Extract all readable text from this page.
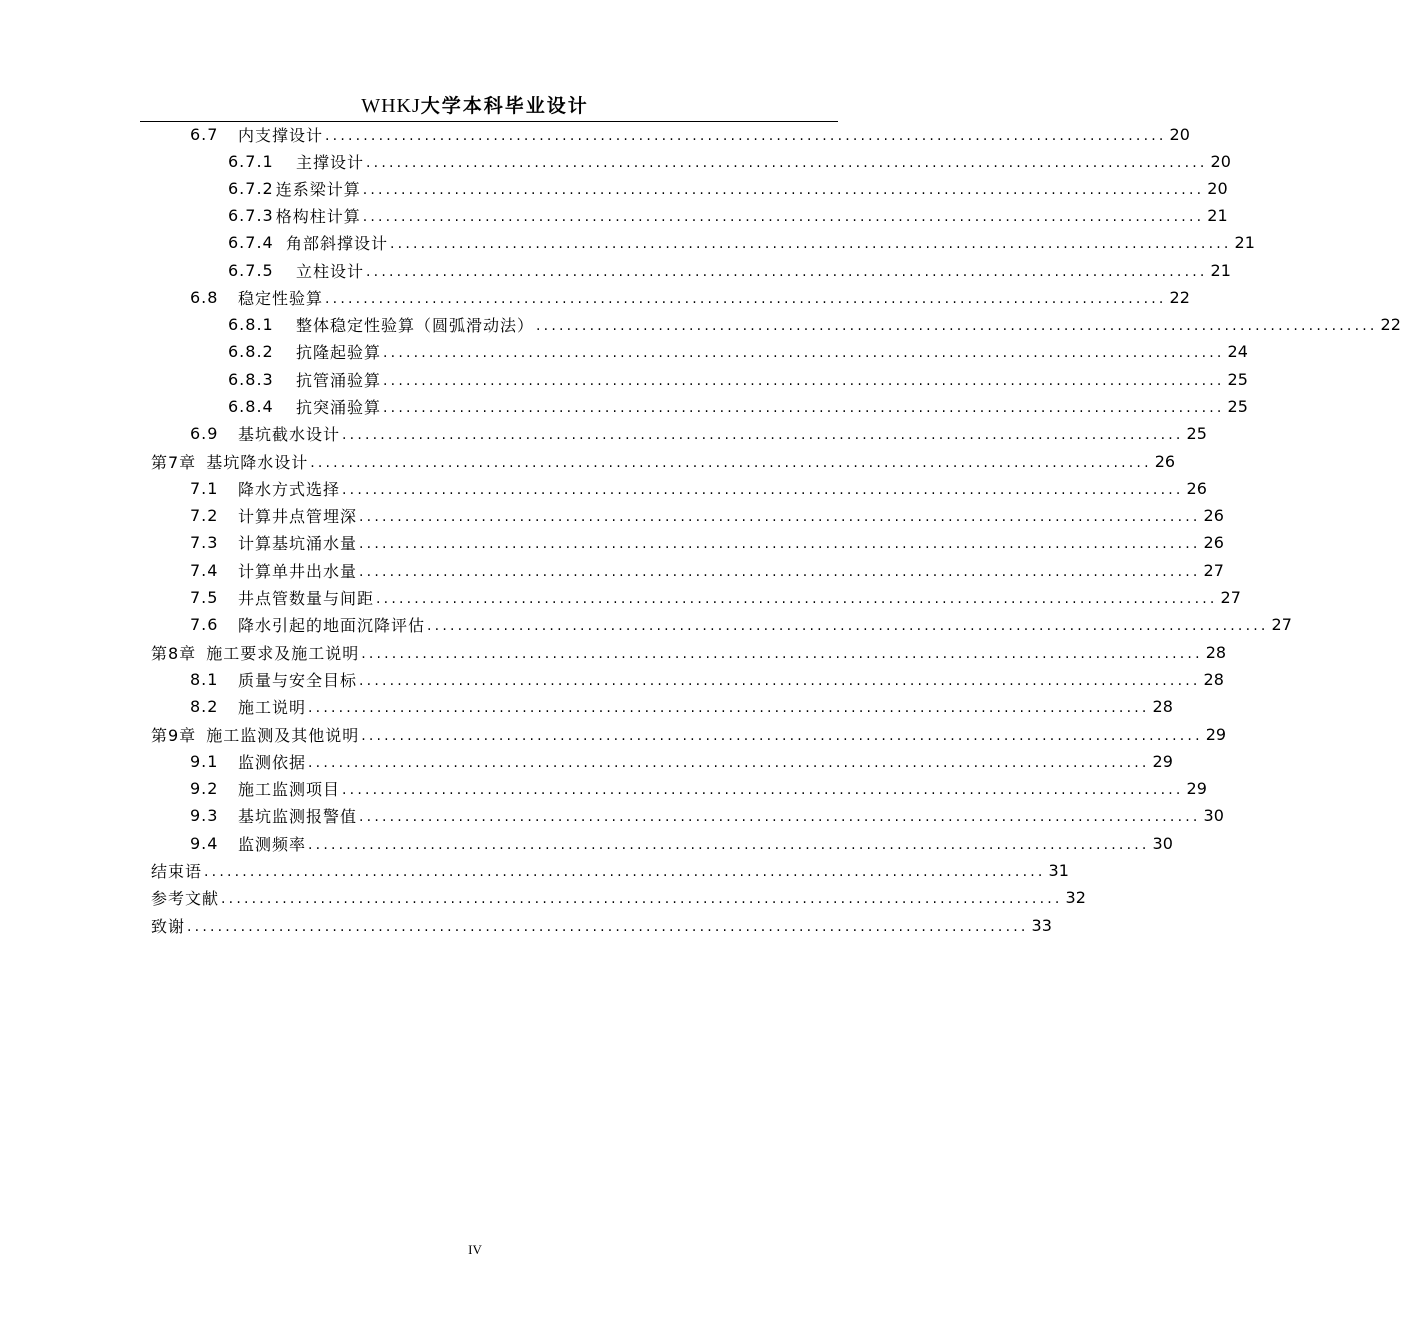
WHKJ大学本科毕业设计
6.7	内支撑设计 .............................................................................................................. 20
6.7.1	主撑设计 .............................................................................................................. 20
6.7.2 连系梁计算 .............................................................................................................. 20
6.7.3 格构柱计算 .............................................................................................................. 21
6.7.4 角部斜撑设计 .............................................................................................................. 21
6.7.5	立柱设计 .............................................................................................................. 21
6.8	稳定性验算 .............................................................................................................. 22
6.8.1	整体稳定性验算（圆弧滑动法） .............................................................................................................. 22
6.8.2	抗隆起验算 .............................................................................................................. 24
6.8.3	抗管涌验算 .............................................................................................................. 25
6.8.4	抗突涌验算 .............................................................................................................. 25
6.9	基坑截水设计 .............................................................................................................. 25
第7章 基坑降水设计 .............................................................................................................. 26
7.1	降水方式选择 .............................................................................................................. 26
7.2	计算井点管埋深 .............................................................................................................. 26
7.3	计算基坑涌水量 .............................................................................................................. 26
7.4	计算单井出水量 .............................................................................................................. 27
7.5	井点管数量与间距 .............................................................................................................. 27
7.6	降水引起的地面沉降评估 .............................................................................................................. 27
第8章 施工要求及施工说明 .............................................................................................................. 28
8.1	质量与安全目标 .............................................................................................................. 28
8.2	施工说明 .............................................................................................................. 28
第9章 施工监测及其他说明 .............................................................................................................. 29
9.1	监测依据 .............................................................................................................. 29
9.2	施工监测项目 .............................................................................................................. 29
9.3	基坑监测报警值 .............................................................................................................. 30
9.4	监测频率 .............................................................................................................. 30
结束语 .............................................................................................................. 31
参考文献 .............................................................................................................. 32
致谢 .............................................................................................................. 33
IV
